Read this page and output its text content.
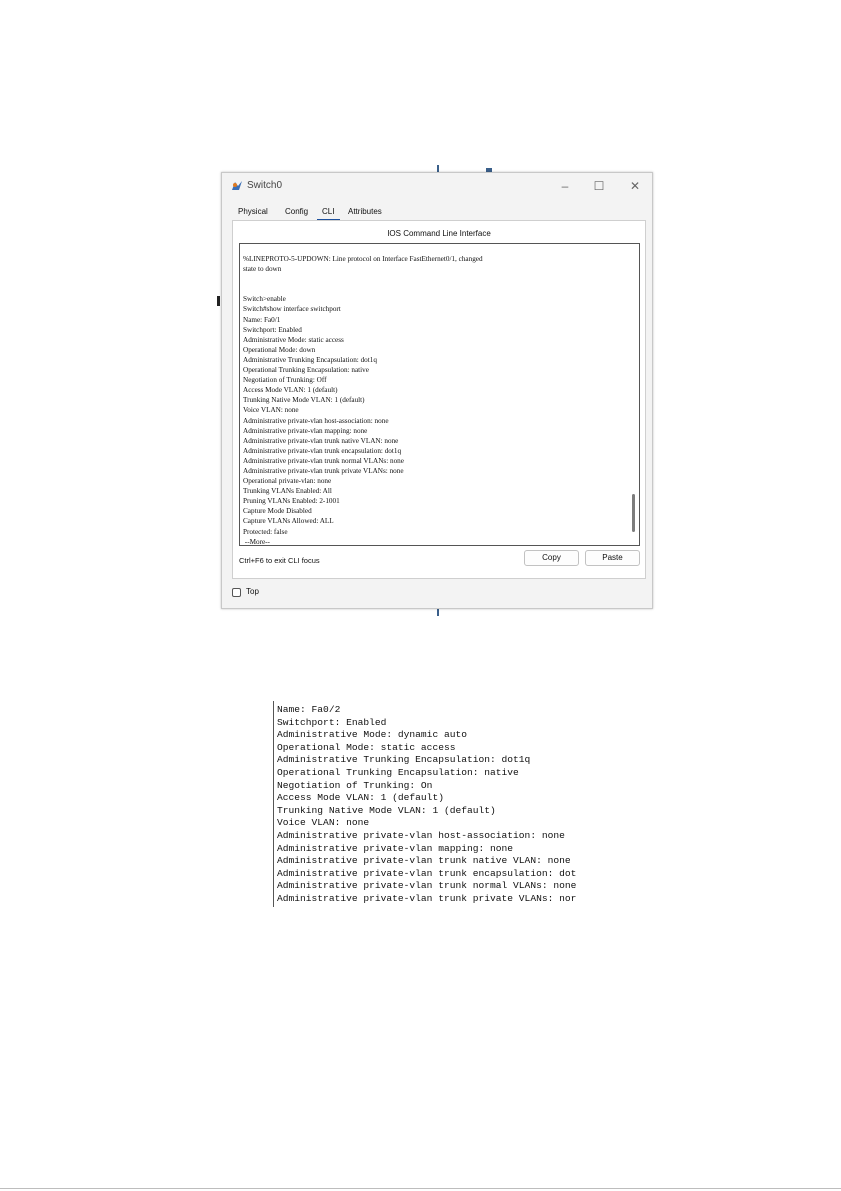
Switch0	–	☐	✕
Physical Config CLI Attributes
IOS Command Line Interface
%LINEPROTO-5-UPDOWN: Line protocol on Interface FastEthernet0/1, changed
state to down

Switch>enable
Switch#show interface switchport
Name: Fa0/1
Switchport: Enabled
Administrative Mode: static access
Operational Mode: down
Administrative Trunking Encapsulation: dot1q
Operational Trunking Encapsulation: native
Negotiation of Trunking: Off
Access Mode VLAN: 1 (default)
Trunking Native Mode VLAN: 1 (default)
Voice VLAN: none
Administrative private-vlan host-association: none
Administrative private-vlan mapping: none
Administrative private-vlan trunk native VLAN: none
Administrative private-vlan trunk encapsulation: dot1q
Administrative private-vlan trunk normal VLANs: none
Administrative private-vlan trunk private VLANs: none
Operational private-vlan: none
Trunking VLANs Enabled: All
Pruning VLANs Enabled: 2-1001
Capture Mode Disabled
Capture VLANs Allowed: ALL
Protected: false
--More--
Ctrl+F6 to exit CLI focus	Copy	Paste
Top
Name: Fa0/2
Switchport: Enabled
Administrative Mode: dynamic auto
Operational Mode: static access
Administrative Trunking Encapsulation: dot1q
Operational Trunking Encapsulation: native
Negotiation of Trunking: On
Access Mode VLAN: 1 (default)
Trunking Native Mode VLAN: 1 (default)
Voice VLAN: none
Administrative private-vlan host-association: none
Administrative private-vlan mapping: none
Administrative private-vlan trunk native VLAN: none
Administrative private-vlan trunk encapsulation: dot
Administrative private-vlan trunk normal VLANs: none
Administrative private-vlan trunk private VLANs: nor
